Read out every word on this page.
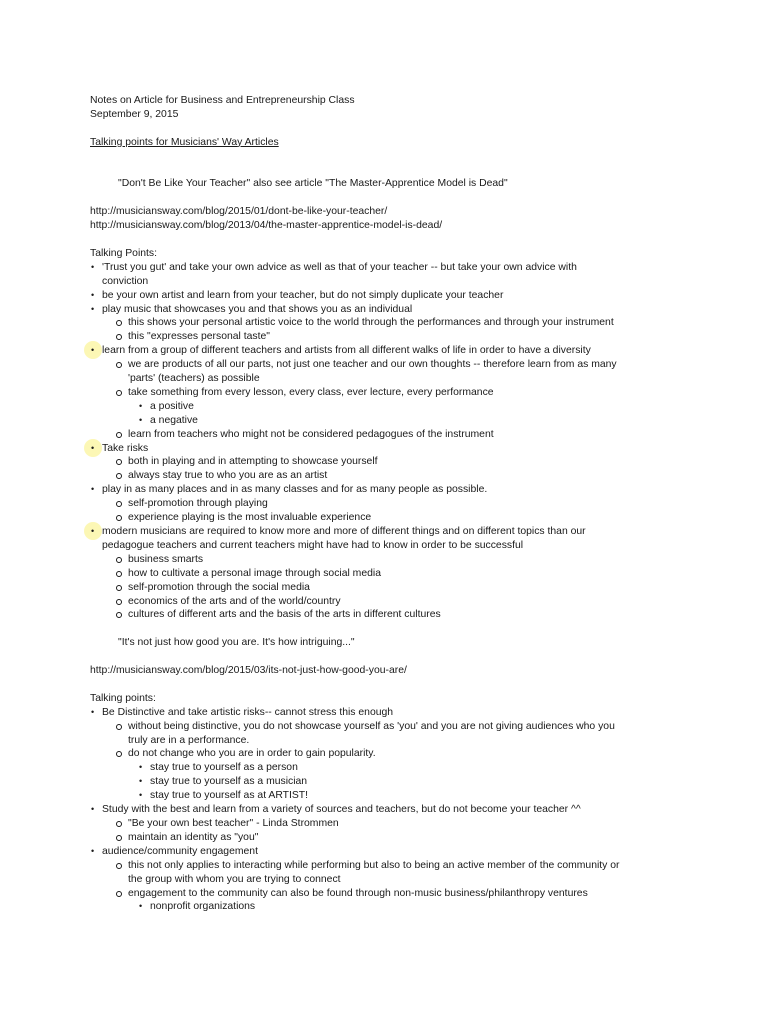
Notes on Article for Business and Entrepreneurship Class
September 9, 2015
Talking points for Musicians' Way Articles
"Don't Be Like Your Teacher" also see article "The Master-Apprentice Model is Dead"
http://musiciansway.com/blog/2015/01/dont-be-like-your-teacher/
http://musiciansway.com/blog/2013/04/the-master-apprentice-model-is-dead/
Talking Points:
• 'Trust you gut' and take your own advice as well as that of your teacher -- but take your own advice with
conviction
• be your own artist and learn from your teacher, but do not simply duplicate your teacher
• play music that showcases you and that shows you as an individual
this shows your personal artistic voice to the world through the performances and through your instrument
this "expresses personal taste"
• learn from a group of different teachers and artists from all different walks of life in order to have a diversity
we are products of all our parts, not just one teacher and our own thoughts -- therefore learn from as many
'parts' (teachers) as possible
take something from every lesson, every class, ever lecture, every performance
• a positive
• a negative
learn from teachers who might not be considered pedagogues of the instrument
• Take risks
both in playing and in attempting to showcase yourself
always stay true to who you are as an artist
• play in as many places and in as many classes and for as many people as possible.
self-promotion through playing
experience playing is the most invaluable experience
• modern musicians are required to know more and more of different things and on different topics than our
pedagogue teachers and current teachers might have had to know in order to be successful
business smarts
how to cultivate a personal image through social media
self-promotion through the social media
economics of the arts and of the world/country
cultures of different arts and the basis of the arts in different cultures
"It's not just how good you are. It's how intriguing..."
http://musiciansway.com/blog/2015/03/its-not-just-how-good-you-are/
Talking points:
• Be Distinctive and take artistic risks-- cannot stress this enough
without being distinctive, you do not showcase yourself as 'you' and you are not giving audiences who you
truly are in a performance.
do not change who you are in order to gain popularity.
• stay true to yourself as a person
• stay true to yourself as a musician
• stay true to yourself as at ARTIST!
• Study with the best and learn from a variety of sources and teachers, but do not become your teacher ^^
"Be your own best teacher" - Linda Strommen
maintain an identity as "you"
• audience/community engagement
this not only applies to interacting while performing but also to being an active member of the community or
the group with whom you are trying to connect
engagement to the community can also be found through non-music business/philanthropy ventures
• nonprofit organizations
